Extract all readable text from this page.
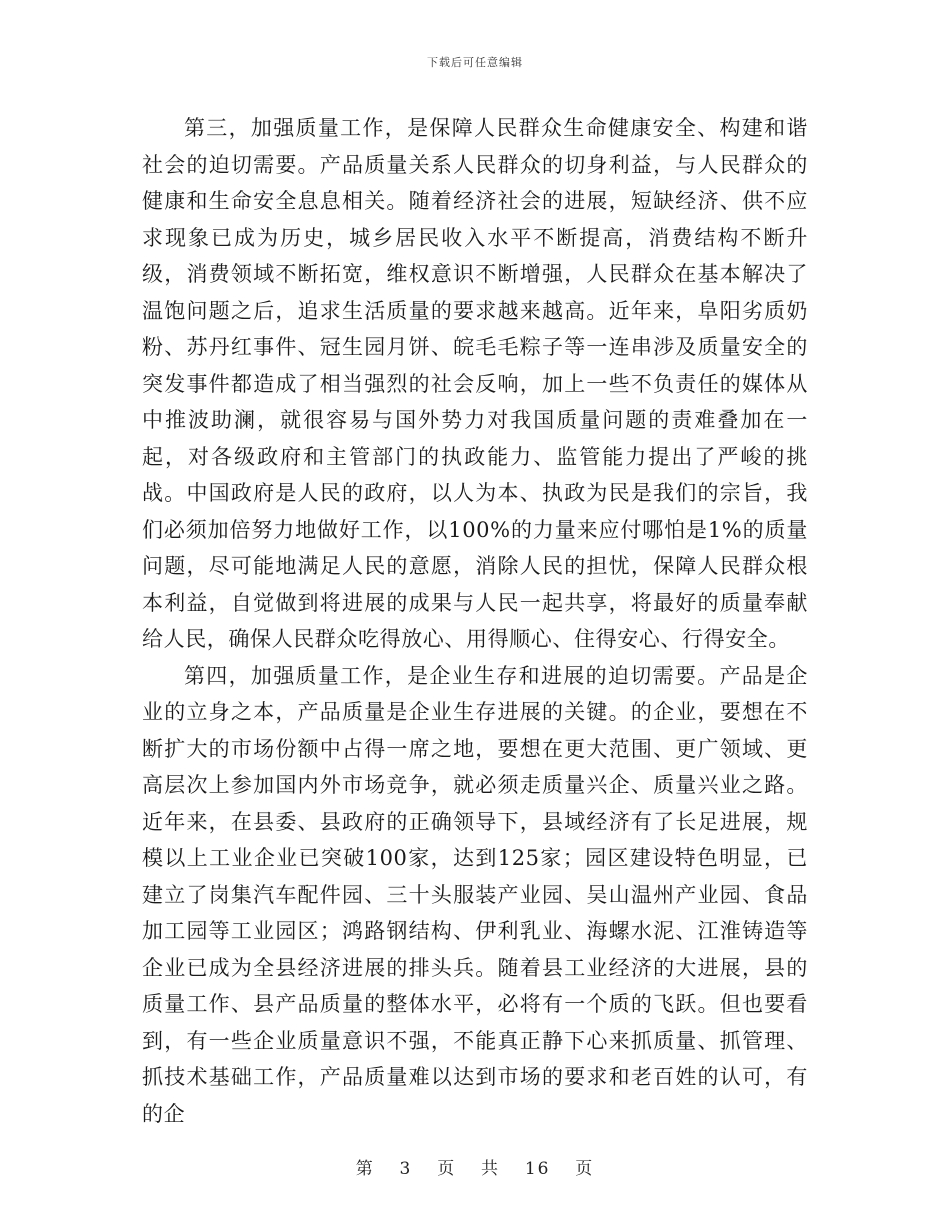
下载后可任意编辑

第三，加强质量工作，是保障人民群众生命健康安全、构建和谐社会的迫切需要。产品质量关系人民群众的切身利益，与人民群众的健康和生命安全息息相关。随着经济社会的进展，短缺经济、供不应求现象已成为历史，城乡居民收入水平不断提高，消费结构不断升级，消费领域不断拓宽，维权意识不断增强，人民群众在基本解决了温饱问题之后，追求生活质量的要求越来越高。近年来，阜阳劣质奶粉、苏丹红事件、冠生园月饼、皖毛毛粽子等一连串涉及质量安全的突发事件都造成了相当强烈的社会反响，加上一些不负责任的媒体从中推波助澜，就很容易与国外势力对我国质量问题的责难叠加在一起，对各级政府和主管部门的执政能力、监管能力提出了严峻的挑战。中国政府是人民的政府，以人为本、执政为民是我们的宗旨，我们必须加倍努力地做好工作，以100%的力量来应付哪怕是1%的质量问题，尽可能地满足人民的意愿，消除人民的担忧，保障人民群众根本利益，自觉做到将进展的成果与人民一起共享，将最好的质量奉献给人民，确保人民群众吃得放心、用得顺心、住得安心、行得安全。

第四，加强质量工作，是企业生存和进展的迫切需要。产品是企业的立身之本，产品质量是企业生存进展的关键。的企业，要想在不断扩大的市场份额中占得一席之地，要想在更大范围、更广领域、更高层次上参加国内外市场竞争，就必须走质量兴企、质量兴业之路。近年来，在县委、县政府的正确领导下，县域经济有了长足进展，规模以上工业企业已突破100家，达到125家；园区建设特色明显，已建立了岗集汽车配件园、三十头服装产业园、吴山温州产业园、食品加工园等工业园区；鸿路钢结构、伊利乳业、海螺水泥、江淮铸造等企业已成为全县经济进展的排头兵。随着县工业经济的大进展，县的质量工作、县产品质量的整体水平，必将有一个质的飞跃。但也要看到，有一些企业质量意识不强，不能真正静下心来抓质量、抓管理、抓技术基础工作，产品质量难以达到市场的要求和老百姓的认可，有的企

第 3 页 共 16 页
